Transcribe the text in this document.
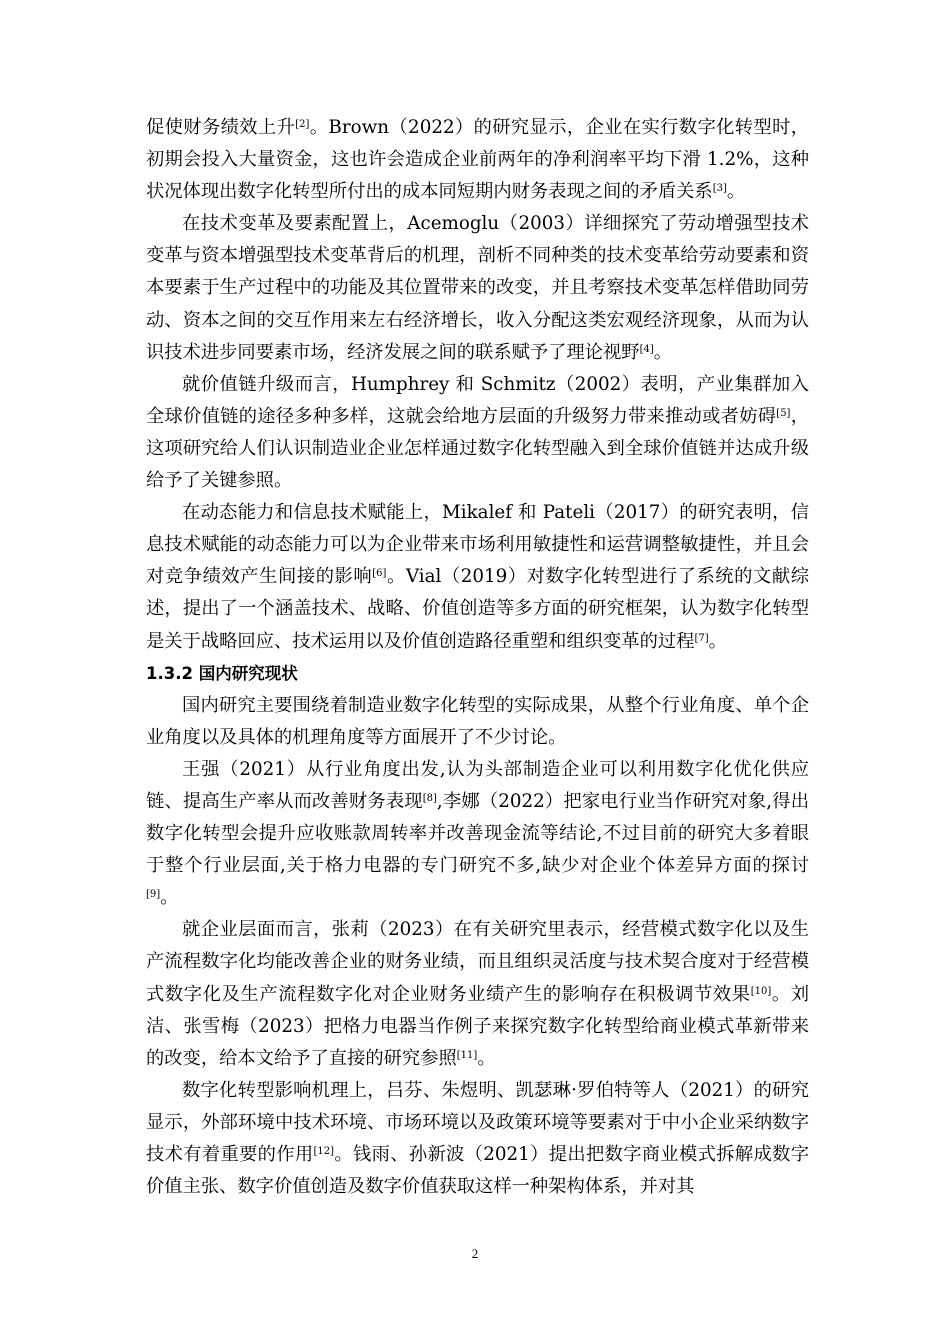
促使财务绩效上升[2]。Brown（2022）的研究显示，企业在实行数字化转型时，初期会投入大量资金，这也许会造成企业前两年的净利润率平均下滑 1.2%，这种状况体现出数字化转型所付出的成本同短期内财务表现之间的矛盾关系[3]。

在技术变革及要素配置上，Acemoglu（2003）详细探究了劳动增强型技术变革与资本增强型技术变革背后的机理，剖析不同种类的技术变革给劳动要素和资本要素于生产过程中的功能及其位置带来的改变，并且考察技术变革怎样借助同劳动、资本之间的交互作用来左右经济增长，收入分配这类宏观经济现象，从而为认识技术进步同要素市场，经济发展之间的联系赋予了理论视野[4]。

就价值链升级而言，Humphrey 和 Schmitz（2002）表明，产业集群加入全球价值链的途径多种多样，这就会给地方层面的升级努力带来推动或者妨碍[5]，这项研究给人们认识制造业企业怎样通过数字化转型融入到全球价值链并达成升级给予了关键参照。

在动态能力和信息技术赋能上，Mikalef 和 Pateli（2017）的研究表明，信息技术赋能的动态能力可以为企业带来市场利用敏捷性和运营调整敏捷性，并且会对竞争绩效产生间接的影响[6]。Vial（2019）对数字化转型进行了系统的文献综述，提出了一个涵盖技术、战略、价值创造等多方面的研究框架，认为数字化转型是关于战略回应、技术运用以及价值创造路径重塑和组织变革的过程[7]。

1.3.2 国内研究现状

国内研究主要围绕着制造业数字化转型的实际成果，从整个行业角度、单个企业角度以及具体的机理角度等方面展开了不少讨论。

王强（2021）从行业角度出发,认为头部制造企业可以利用数字化优化供应链、提高生产率从而改善财务表现[8],李娜（2022）把家电行业当作研究对象,得出数字化转型会提升应收账款周转率并改善现金流等结论,不过目前的研究大多着眼于整个行业层面,关于格力电器的专门研究不多,缺少对企业个体差异方面的探讨[9]。

就企业层面而言，张莉（2023）在有关研究里表示，经营模式数字化以及生产流程数字化均能改善企业的财务业绩，而且组织灵活度与技术契合度对于经营模式数字化及生产流程数字化对企业财务业绩产生的影响存在积极调节效果[10]。刘洁、张雪梅（2023）把格力电器当作例子来探究数字化转型给商业模式革新带来的改变，给本文给予了直接的研究参照[11]。

数字化转型影响机理上，吕芬、朱煜明、凯瑟琳·罗伯特等人（2021）的研究显示，外部环境中技术环境、市场环境以及政策环境等要素对于中小企业采纳数字技术有着重要的作用[12]。钱雨、孙新波（2021）提出把数字商业模式拆解成数字价值主张、数字价值创造及数字价值获取这样一种架构体系，并对其

2
